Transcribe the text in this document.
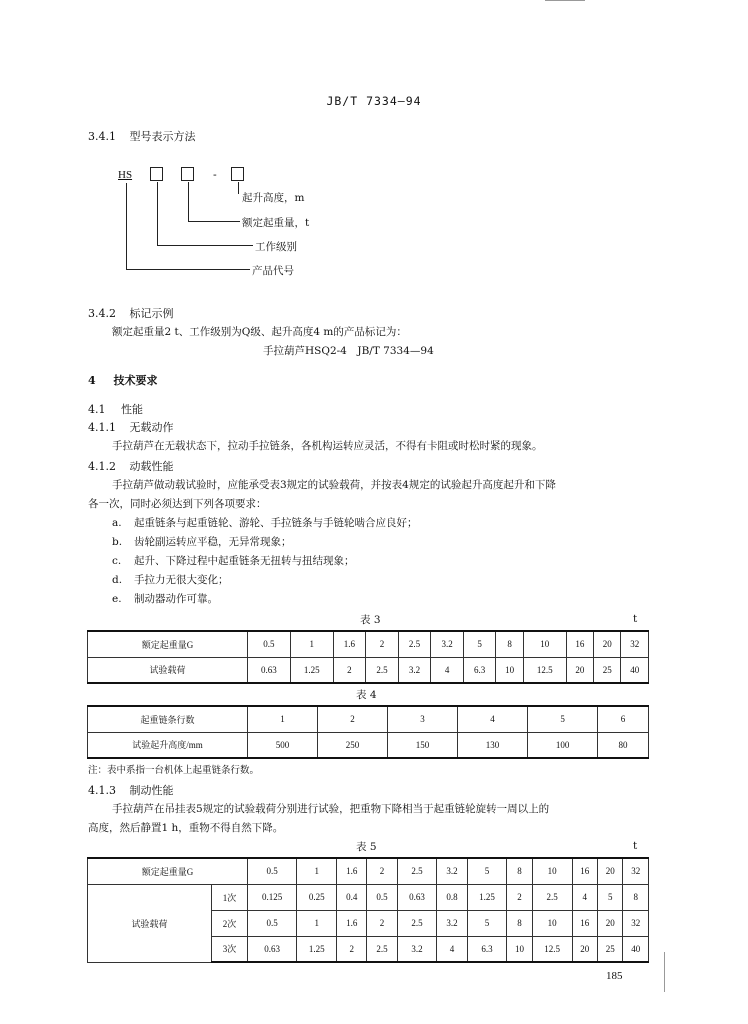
JB/T 7334—94
3.4.1 型号表示方法
HS	-
起升高度，m
额定起重量，t
工作级别
产品代号
3.4.2 标记示例
额定起重量2 t、工作级别为Q级、起升高度4 m的产品标记为：
手拉葫芦HSQ2-4　JB/T 7334—94
4 技术要求
4.1 性能
4.1.1 无载动作
手拉葫芦在无载状态下，拉动手拉链条，各机构运转应灵活，不得有卡阻或时松时紧的现象。
4.1.2 动载性能
手拉葫芦做动载试验时，应能承受表3规定的试验载荷，并按表4规定的试验起升高度起升和下降
各一次，同时必须达到下列各项要求：
a. 起重链条与起重链轮、游轮、手拉链条与手链轮啮合应良好；
b. 齿轮副运转应平稳，无异常现象；
c. 起升、下降过程中起重链条无扭转与扭结现象；
d. 手拉力无很大变化；
e. 制动器动作可靠。
表 3	t
额定起重量G	0.5	1	1.6	2	2.5	3.2	5	8	10	16	20	32
试验载荷	0.63	1.25	2	2.5	3.2	4	6.3	10	12.5	20	25	40
表 4
起重链条行数	1	2	3	4	5	6
试验起升高度/mm	500	250	150	130	100	80
注：表中系指一台机体上起重链条行数。
4.1.3 制动性能
手拉葫芦在吊挂表5规定的试验载荷分别进行试验，把重物下降相当于起重链轮旋转一周以上的
高度，然后静置1 h，重物不得自然下降。
表 5	t
额定起重量G		0.5	1	1.6	2	2.5	3.2	5	8	10	16	20	32
试验载荷	1次	0.125	0.25	0.4	0.5	0.63	0.8	1.25	2	2.5	4	5	8
	2次	0.5	1	1.6	2	2.5	3.2	5	8	10	16	20	32
	3次	0.63	1.25	2	2.5	3.2	4	6.3	10	12.5	20	25	40
185
